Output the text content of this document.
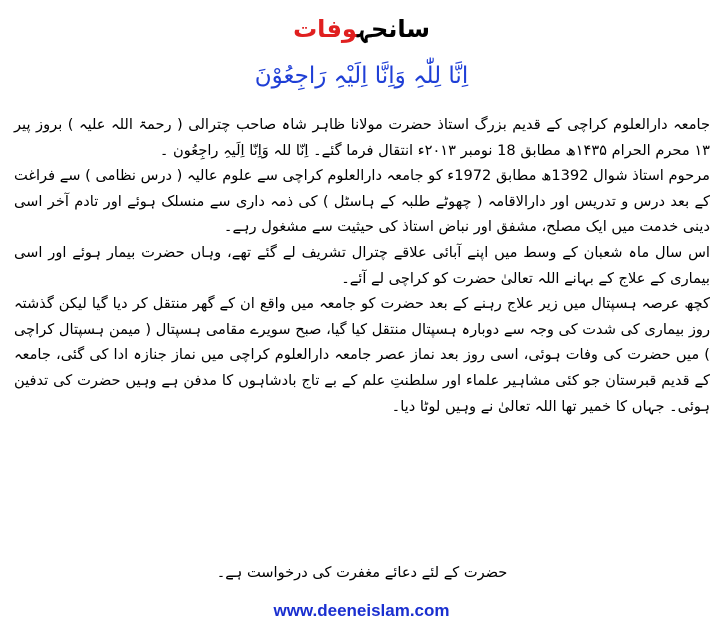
سانحہوفات
اِنَّا لِلّٰہِ وَاِنَّا اِلَیْہِ رَاجِعُوْنَ

جامعہ دارالعلوم کراچی کے قدیم بزرگ استاذ حضرت مولانا ظاہر شاہ صاحب چترالی ( رحمۃ اللہ علیہ ) بروز پیر ۱۳ محرم الحرام ۱۴۳۵ھ مطابق 18 نومبر ۲۰۱۳ء انتقال فرما گئے۔ اِنّا للہ وَاِنّا اِلَیہِ راجِعُون ۔

مرحوم استاذ شوال 1392ھ مطابق 1972ء کو جامعہ دارالعلوم کراچی سے علوم عالیہ ( درس نظامی ) سے فراغت کے بعد درس و تدریس اور دارالاقامہ ( چھوٹے طلبہ کے ہاسٹل ) کی ذمہ داری سے منسلک ہوئے اور تادم آخر اسی دینی خدمت میں ایک مصلح، مشفق اور نباض استاذ کی حیثیت سے مشغول رہے۔

اس سال ماہ شعبان کے وسط میں اپنے آبائی علاقے چترال تشریف لے گئے تھے، وہاں حضرت بیمار ہوئے اور اسی بیماری کے علاج کے بہانے اللہ تعالیٰ حضرت کو کراچی لے آئے۔

کچھ عرصہ ہسپتال میں زیر علاج رہنے کے بعد حضرت کو جامعہ میں واقع ان کے گھر منتقل کر دیا گیا لیکن گذشتہ روز بیماری کی شدت کی وجہ سے دوبارہ ہسپتال منتقل کیا گیا، صبح سویرے مقامی ہسپتال ( میمن ہسپتال کراچی ) میں حضرت کی وفات ہوئی، اسی روز بعد نماز عصر جامعہ دارالعلوم کراچی میں نماز جنازہ ادا کی گئی، جامعہ کے قدیم قبرستان جو کئی مشاہیر علماء اور سلطنتِ علم کے بے تاج بادشاہوں کا مدفن ہے وہیں حضرت کی تدفین ہوئی۔ جہاں کا خمیر تھا اللہ تعالیٰ نے وہیں لوٹا دیا۔

حضرت کے لئے دعائے مغفرت کی درخواست ہے۔
www.deeneislam.com
